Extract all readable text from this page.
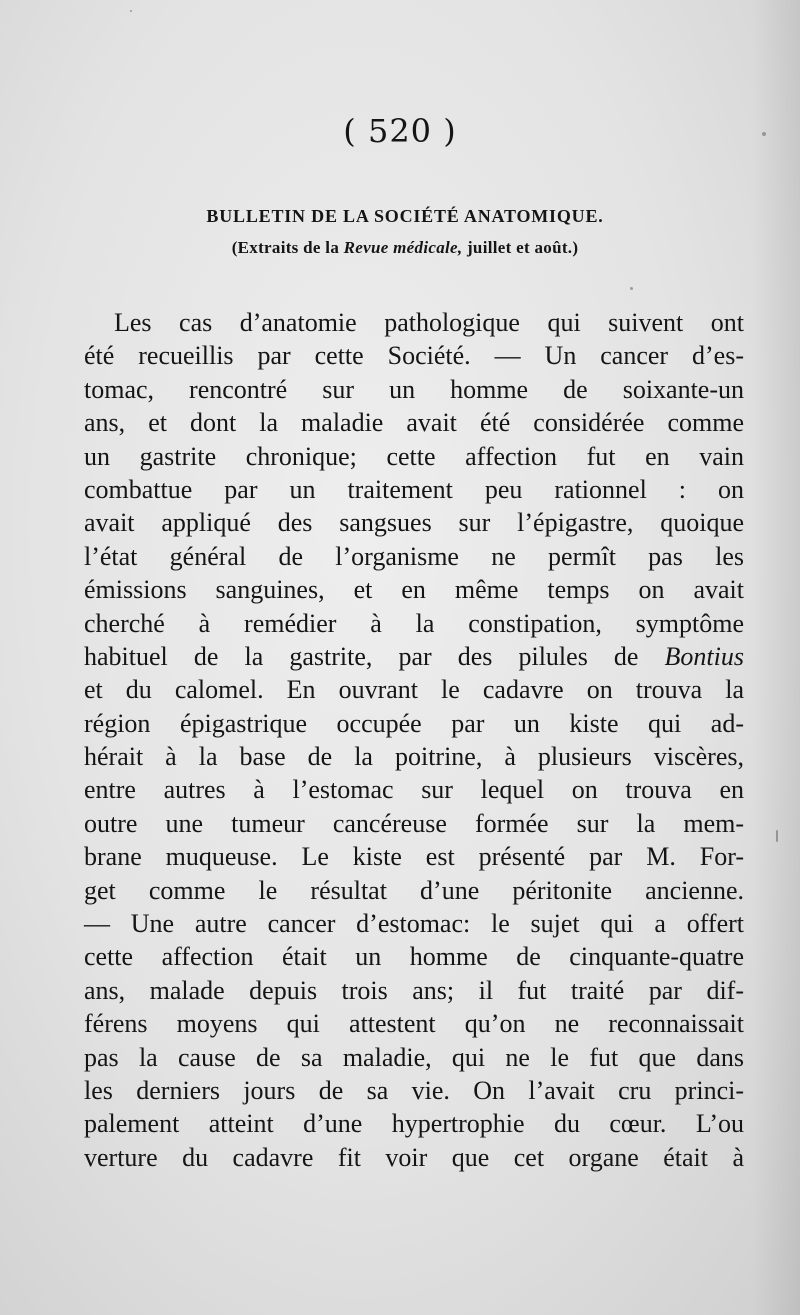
( 520 )
BULLETIN DE LA SOCIÉTÉ ANATOMIQUE.
(Extraits de la Revue médicale, juillet et août.)
Les cas d’anatomie pathologique qui suivent ont
été recueillis par cette Société. — Un cancer d’es-
tomac, rencontré sur un homme de soixante-un
ans, et dont la maladie avait été considérée comme
un gastrite chronique; cette affection fut en vain
combattue par un traitement peu rationnel : on
avait appliqué des sangsues sur l’épigastre, quoique
l’état général de l’organisme ne permît pas les
émissions sanguines, et en même temps on avait
cherché à remédier à la constipation, symptôme
habituel de la gastrite, par des pilules de Bontius
et du calomel. En ouvrant le cadavre on trouva la
région épigastrique occupée par un kiste qui ad-
hérait à la base de la poitrine, à plusieurs viscères,
entre autres à l’estomac sur lequel on trouva en
outre une tumeur cancéreuse formée sur la mem-
brane muqueuse. Le kiste est présenté par M. For-
get comme le résultat d’une péritonite ancienne.
— Une autre cancer d’estomac: le sujet qui a offert
cette affection était un homme de cinquante-quatre
ans, malade depuis trois ans; il fut traité par dif-
férens moyens qui attestent qu’on ne reconnaissait
pas la cause de sa maladie, qui ne le fut que dans
les derniers jours de sa vie. On l’avait cru princi-
palement atteint d’une hypertrophie du cœur. L’ou
verture du cadavre fit voir que cet organe était à
